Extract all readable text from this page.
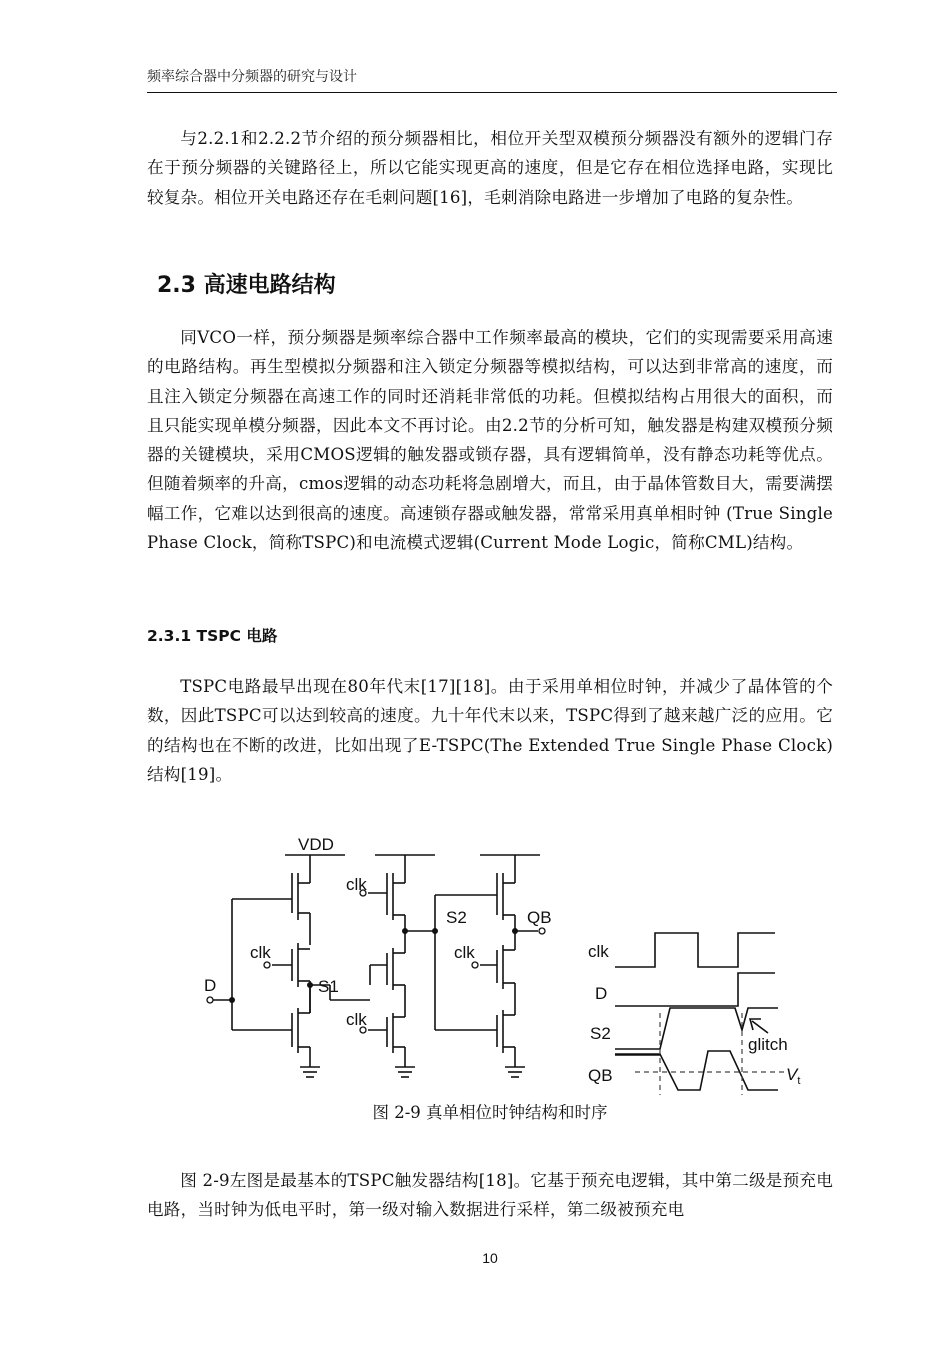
频率综合器中分频器的研究与设计

与2.2.1和2.2.2节介绍的预分频器相比，相位开关型双模预分频器没有额外的逻辑门存在于预分频器的关键路径上，所以它能实现更高的速度，但是它存在相位选择电路，实现比较复杂。相位开关电路还存在毛刺问题[16]，毛刺消除电路进一步增加了电路的复杂性。

2.3 高速电路结构

同VCO一样，预分频器是频率综合器中工作频率最高的模块，它们的实现需要采用高速的电路结构。再生型模拟分频器和注入锁定分频器等模拟结构，可以达到非常高的速度，而且注入锁定分频器在高速工作的同时还消耗非常低的功耗。但模拟结构占用很大的面积，而且只能实现单模分频器，因此本文不再讨论。由2.2节的分析可知，触发器是构建双模预分频器的关键模块，采用CMOS逻辑的触发器或锁存器，具有逻辑简单，没有静态功耗等优点。但随着频率的升高，cmos逻辑的动态功耗将急剧增大，而且，由于晶体管数目大，需要满摆幅工作，它难以达到很高的速度。高速锁存器或触发器，常常采用真单相时钟 (True Single Phase Clock，简称TSPC)和电流模式逻辑(Current Mode Logic，简称CML)结构。

2.3.1 TSPC 电路

TSPC电路最早出现在80年代末[17][18]。由于采用单相位时钟，并减少了晶体管的个数，因此TSPC可以达到较高的速度。九十年代末以来，TSPC得到了越来越广泛的应用。它的结构也在不断的改进，比如出现了E-TSPC(The Extended True Single Phase Clock)结构[19]。

VDD
clk
clk
clk
clk
D	S1
S2	QB
clk
D
S2
QB
glitch
$V_t$
图 2-9 真单相位时钟结构和时序

图 2-9左图是最基本的TSPC触发器结构[18]。它基于预充电逻辑，其中第二级是预充电电路，当时钟为低电平时，第一级对输入数据进行采样，第二级被预充电

10
